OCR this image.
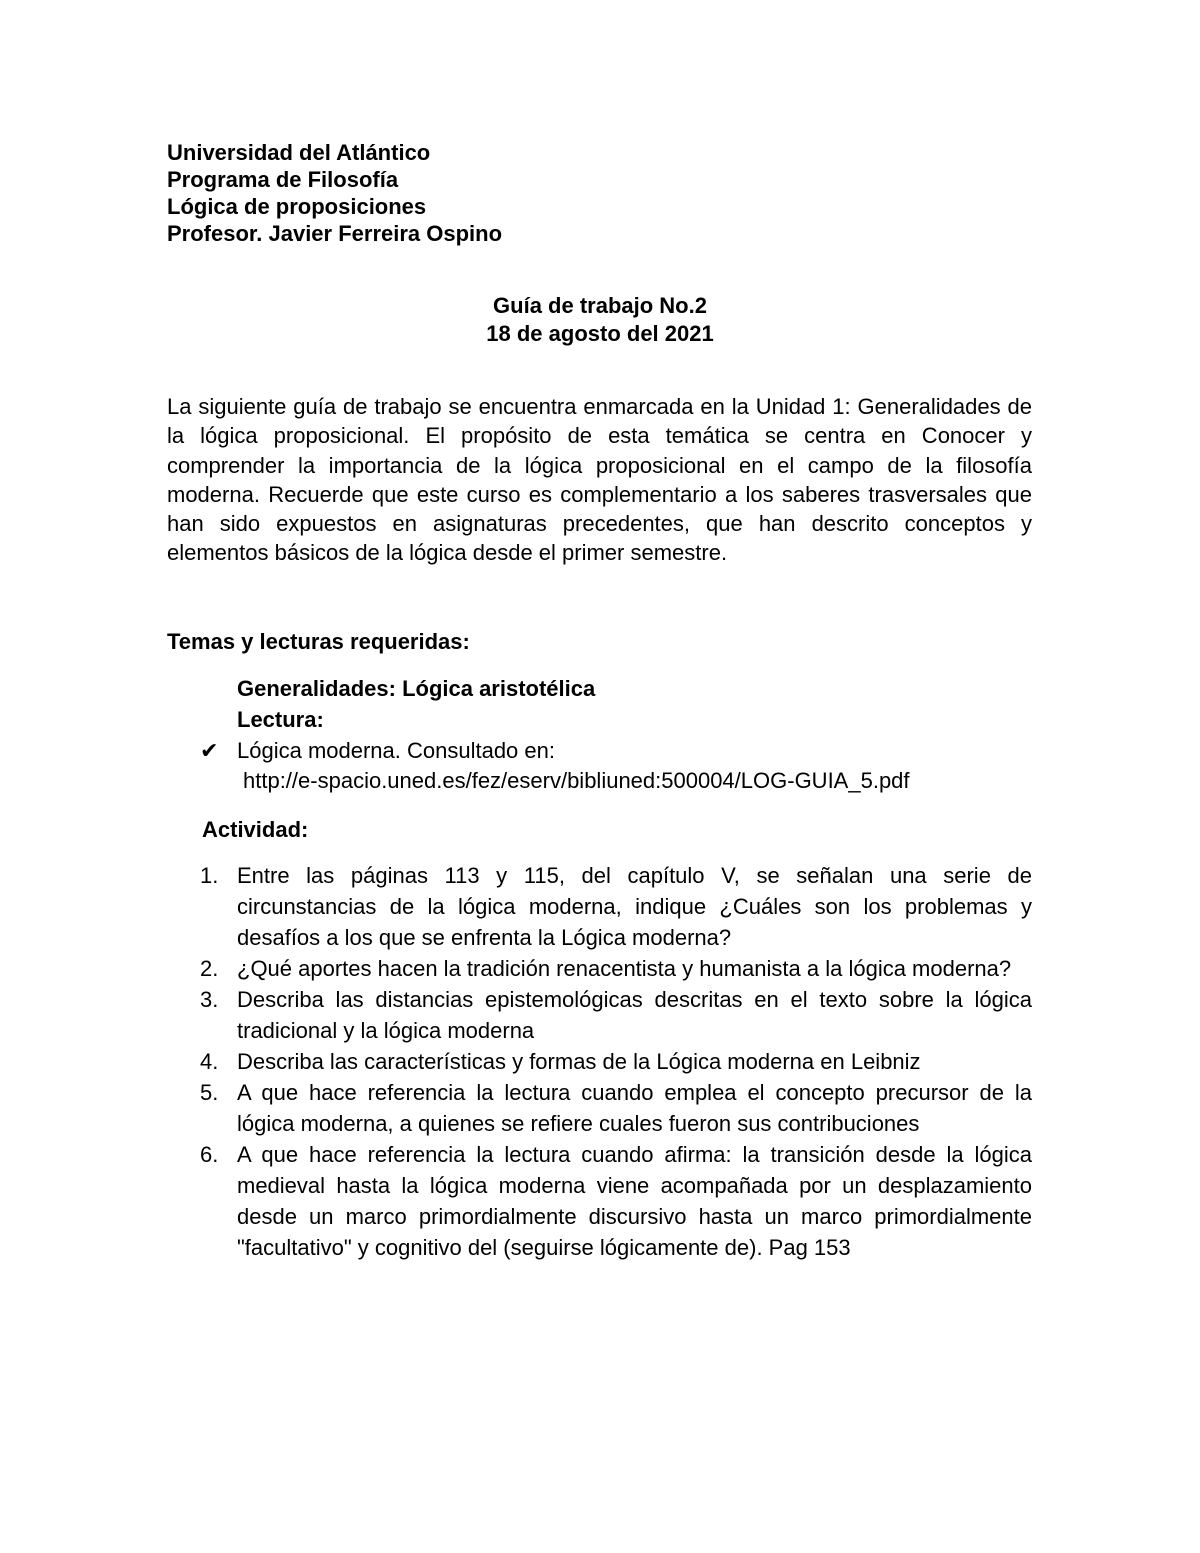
Universidad del Atlántico
Programa de Filosofía
Lógica de proposiciones
Profesor. Javier Ferreira Ospino
Guía de trabajo No.2
18 de agosto del 2021
La siguiente guía de trabajo se encuentra enmarcada en la Unidad 1: Generalidades de la lógica proposicional. El propósito de esta temática se centra en Conocer y comprender la importancia de la lógica proposicional en el campo de la filosofía moderna. Recuerde que este curso es complementario a los saberes trasversales que han sido expuestos en asignaturas precedentes, que han descrito conceptos y elementos básicos de la lógica desde el primer semestre.
Temas y lecturas requeridas:
Generalidades: Lógica aristotélica
Lectura:
Lógica moderna. Consultado en:
✔
http://e-spacio.uned.es/fez/eserv/bibliuned:500004/LOG-GUIA_5.pdf
Actividad:
1. Entre las páginas 113 y 115, del capítulo V, se señalan una serie de circunstancias de la lógica moderna, indique ¿Cuáles son los problemas y desafíos a los que se enfrenta la Lógica moderna?
2. ¿Qué aportes hacen la tradición renacentista y humanista a la lógica moderna?
3. Describa las distancias epistemológicas descritas en el texto sobre la lógica tradicional y la lógica moderna
4. Describa las características y formas de la Lógica moderna en Leibniz
5. A que hace referencia la lectura cuando emplea el concepto precursor de la lógica moderna, a quienes se refiere cuales fueron sus contribuciones
6. A que hace referencia la lectura cuando afirma: la transición desde la lógica medieval hasta la lógica moderna viene acompañada por un desplazamiento desde un marco primordialmente discursivo hasta un marco primordialmente "facultativo" y cognitivo del (seguirse lógicamente de). Pag 153
